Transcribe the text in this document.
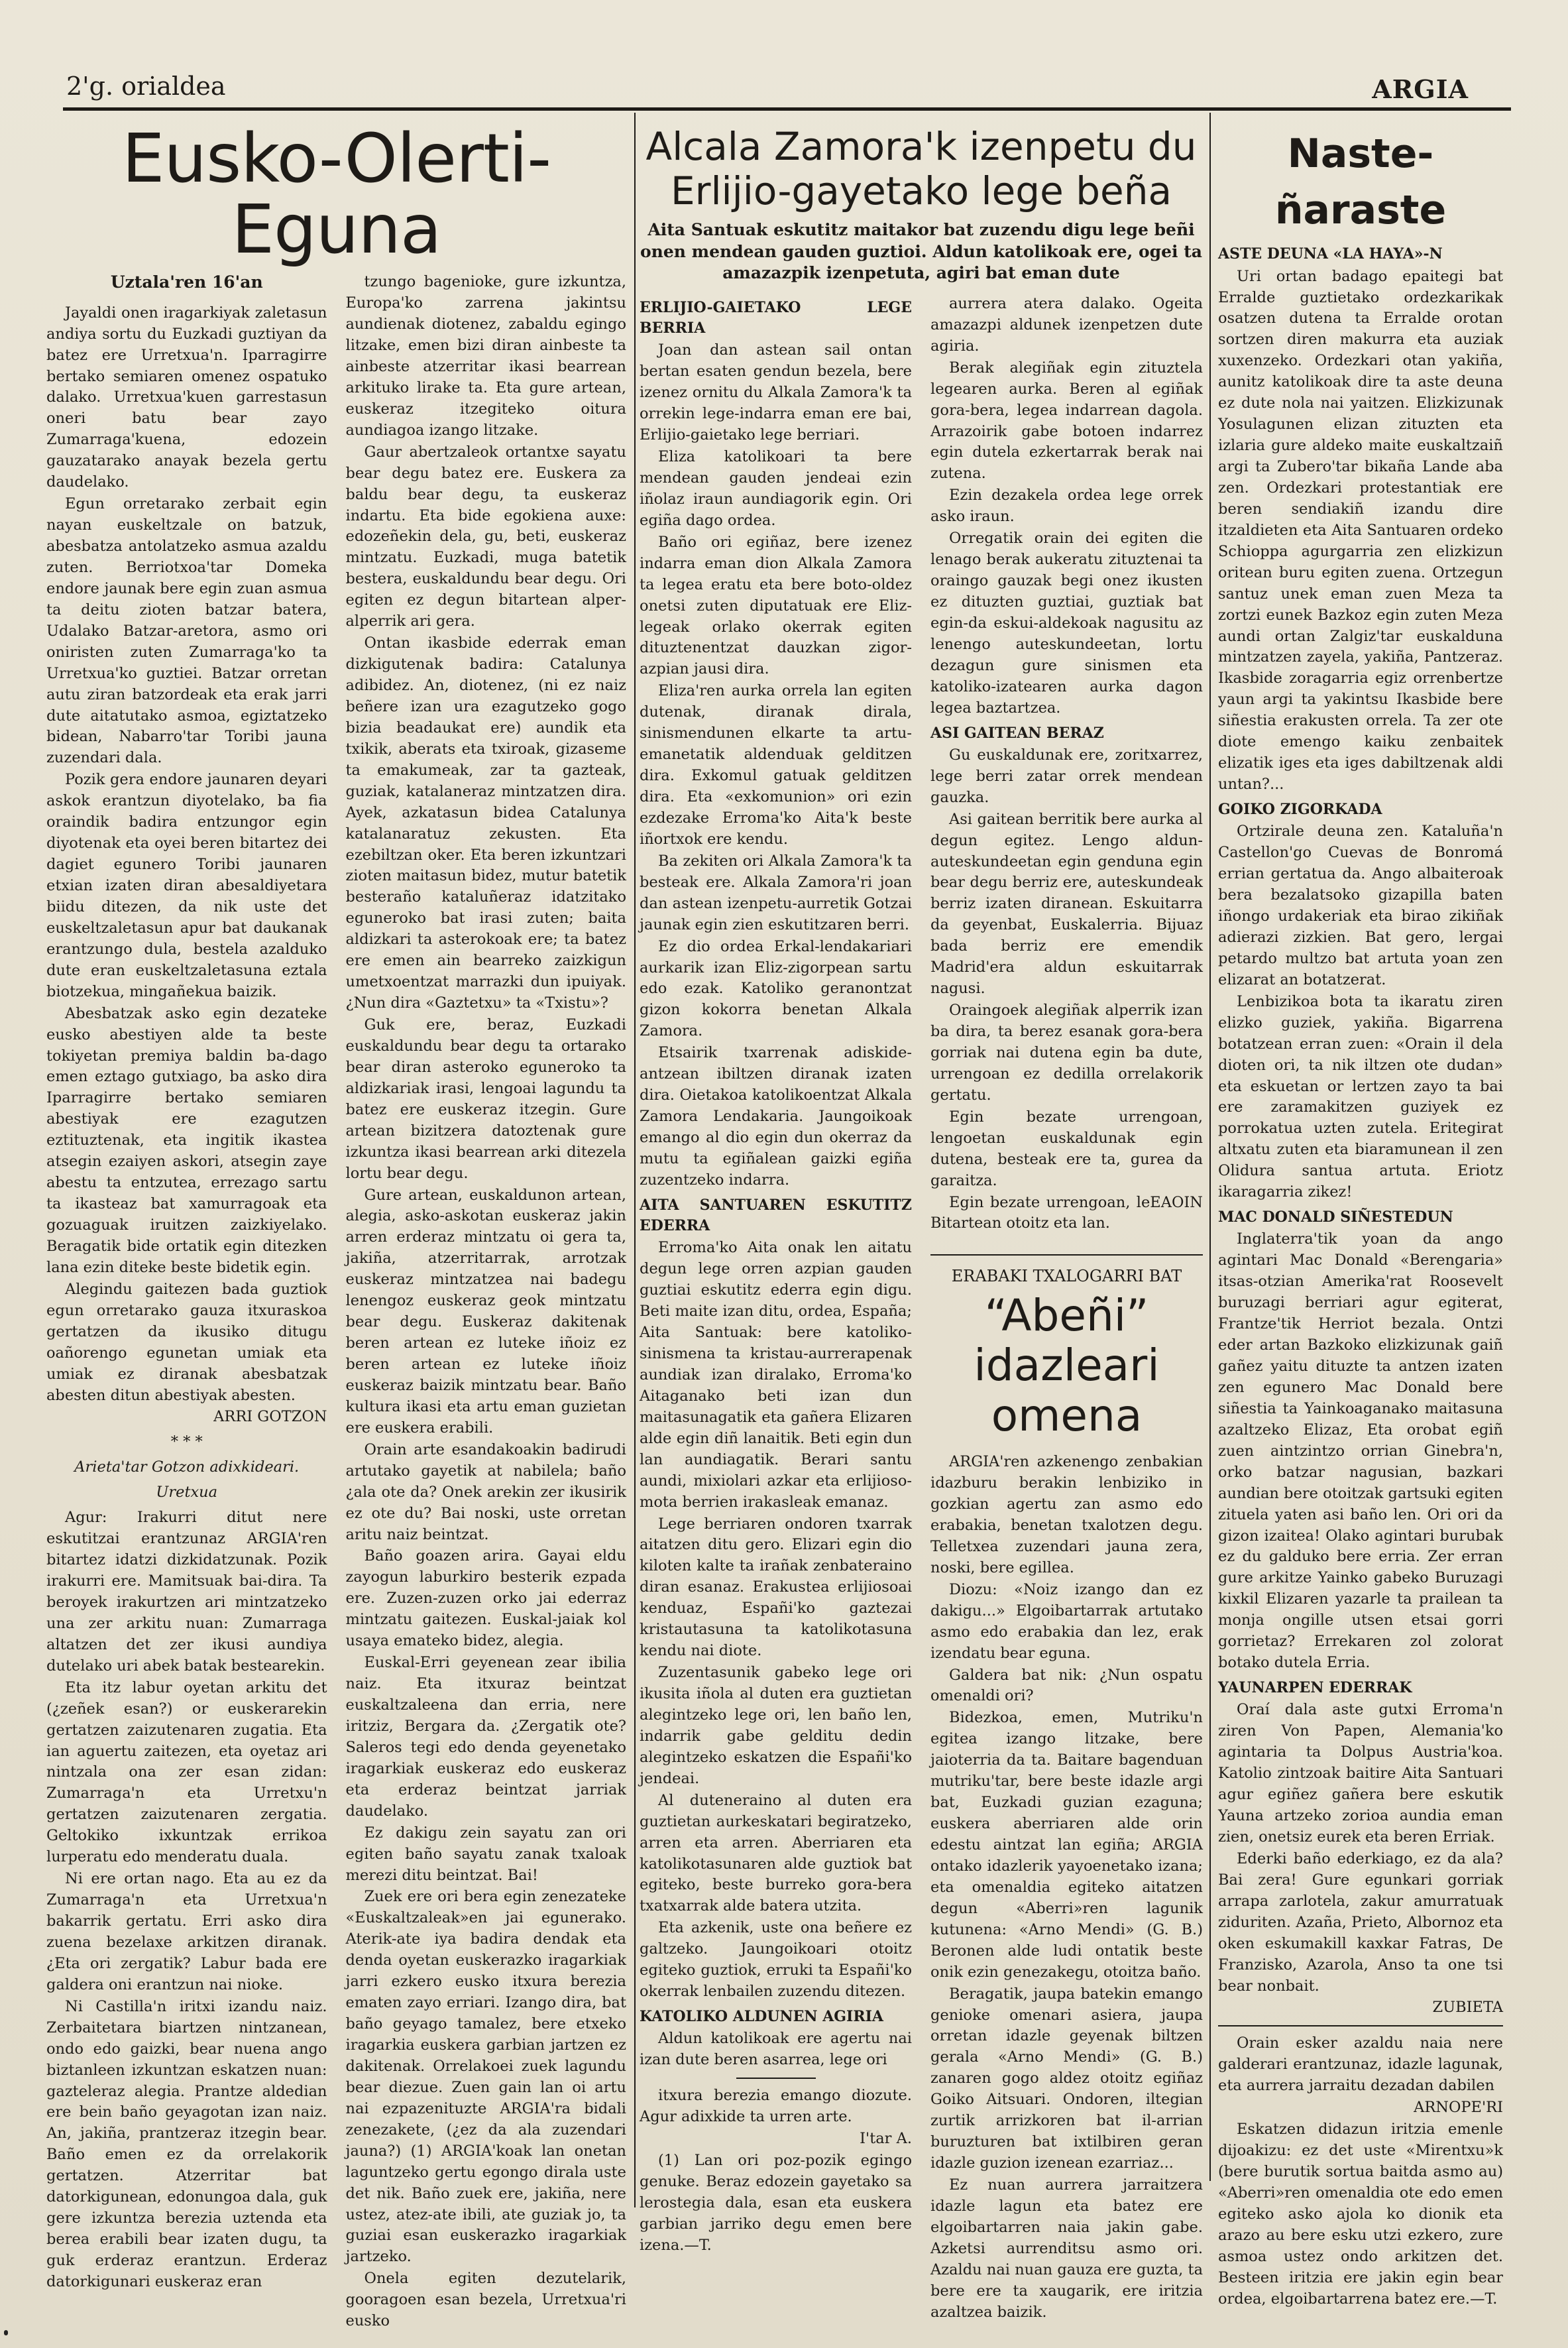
2'g. orialdea	ARGIA
Eusko-Olerti-Eguna
Uztala'ren 16'an

Jayaldi onen iragarkiyak zaletasun andiya sortu du Euzkadi guztiyan da batez ere Urretxua'n. Iparragirre bertako semiaren omenez ospatuko dalako. Urretxua'kuen garrestasun oneri batu bear zayo Zumarraga'kuena, edozein gauzatarako anayak bezela gertu daudelako.

Egun orretarako zerbait egin nayan euskeltzale on batzuk, abesbatza antolatzeko asmua azaldu zuten. Berriotxoa'tar Domeka endore jaunak bere egin zuan asmua ta deitu zioten batzar batera, Udalako Batzar-aretora, asmo ori oniristen zuten Zumarraga'ko ta Urretxua'ko guztiei. Batzar orretan autu ziran batzordeak eta erak jarri dute aitatutako asmoa, egiztatzeko bidean, Nabarro'tar Toribi jauna zuzendari dala.

Pozik gera endore jaunaren deyari askok erantzun diyotelako, ba fia oraindik badira entzungor egin diyotenak eta oyei beren bitartez dei dagiet egunero Toribi jaunaren etxian izaten diran abesaldiyetara biidu ditezen, da nik uste det euskeltzaletasun apur bat daukanak erantzungo dula, bestela azalduko dute eran euskeltzaletasuna eztala biotzekua, mingañekua baizik.

Abesbatzak asko egin dezateke eusko abestiyen alde ta beste tokiyetan premiya baldin ba-dago emen eztago gutxiago, ba asko dira Iparragirre bertako semiaren abestiyak ere ezagutzen eztituztenak, eta ingitik ikastea atsegin ezaiyen askori, atsegin zaye abestu ta entzutea, errezago sartu ta ikasteaz bat xamurragoak eta gozuaguak iruitzen zaizkiyelako. Beragatik bide ortatik egin ditezken lana ezin diteke beste bidetik egin.

Alegindu gaitezen bada guztiok egun orretarako gauza itxuraskoa gertatzen da ikusiko ditugu oañorengo egunetan umiak eta umiak ez diranak abesbatzak abesten ditun abestiyak abesten.

ARRI GOTZON

* * *

Arieta'tar Gotzon adixkideari.

Uretxua

Agur: Irakurri ditut nere eskutitzai erantzunaz ARGIA'ren bitartez idatzi dizkidatzunak. Pozik irakurri ere. Mamitsuak bai-dira. Ta beroyek irakurtzen ari mintzatzeko una zer arkitu nuan: Zumarraga altatzen det zer ikusi aundiya dutelako uri abek batak bestearekin.

Eta itz labur oyetan arkitu det (¿zeñek esan?) or euskerarekin gertatzen zaizutenaren zugatia. Eta ian aguertu zaitezen, eta oyetaz ari nintzala ona zer esan zidan: Zumarraga'n eta Urretxu'n gertatzen zaizutenaren zergatia. Geltokiko ixkuntzak errikoa lurperatu edo menderatu duala.

Ni ere ortan nago. Eta au ez da Zumarraga'n eta Urretxua'n bakarrik gertatu. Erri asko dira zuena bezelaxe arkitzen diranak. ¿Eta ori zergatik? Labur bada ere galdera oni erantzun nai nioke.

Ni Castilla'n iritxi izandu naiz. Zerbaitetara biartzen nintzanean, ondo edo gaizki, bear nuena ango biztanleen izkuntzan eskatzen nuan: gazteleraz alegia. Prantze aldedian ere bein baño geyagotan izan naiz. An, jakiña, prantzeraz itzegin bear. Baño emen ez da orrelakorik gertatzen. Atzerritar bat datorkigunean, edonungoa dala, guk gere izkuntza berezia uztenda eta berea erabili bear izaten dugu, ta guk erderaz erantzun. Erderaz datorkigunari euskeraz eran

tzungo bagenioke, gure izkuntza, Europa'ko zarrena jakintsu aundienak diotenez, zabaldu egingo litzake, emen bizi diran ainbeste ta ainbeste atzerritar ikasi bearrean arkituko lirake ta. Eta gure artean, euskeraz itzegiteko oitura aundiagoa izango litzake.

Gaur abertzaleok ortantxe sayatu bear degu batez ere. Euskera za baldu bear degu, ta euskeraz indartu. Eta bide egokiena auxe: edozeñekin dela, gu, beti, euskeraz mintzatu. Euzkadi, muga batetik bestera, euskaldundu bear degu. Ori egiten ez degun bitartean alper-alperrik ari gera.

Ontan ikasbide ederrak eman dizkigutenak badira: Catalunya adibidez. An, diotenez, (ni ez naiz beñere izan ura ezagutzeko gogo bizia beadaukat ere) aundik eta txikik, aberats eta txiroak, gizaseme ta emakumeak, zar ta gazteak, guziak, katalaneraz mintzatzen dira. Ayek, azkatasun bidea Catalunya katalanaratuz zekusten. Eta ezebiltzan oker. Eta beren izkuntzari zioten maitasun bidez, mutur batetik besteraño kataluñeraz idatzitako eguneroko bat irasi zuten; baita aldizkari ta asterokoak ere; ta batez ere emen ain bearreko zaizkigun umetxoentzat marrazki dun ipuiyak. ¿Nun dira «Gaztetxu» ta «Txistu»?

Guk ere, beraz, Euzkadi euskaldundu bear degu ta ortarako bear diran asteroko eguneroko ta aldizkariak irasi, lengoai lagundu ta batez ere euskeraz itzegin. Gure artean bizitzera datoztenak gure izkuntza ikasi bearrean arki ditezela lortu bear degu.

Gure artean, euskaldunon artean, alegia, asko-askotan euskeraz jakin arren erderaz mintzatu oi gera ta, jakiña, atzerritarrak, arrotzak euskeraz mintzatzea nai badegu lenengoz euskeraz geok mintzatu bear degu. Euskeraz dakitenak beren artean ez luteke iñoiz ez beren artean ez luteke iñoiz euskeraz baizik mintzatu bear. Baño kultura ikasi eta artu eman guzietan ere euskera erabili.

Orain arte esandakoakin badirudi artutako gayetik at nabilela; baño ¿ala ote da? Onek arekin zer ikusirik ez ote du? Bai noski, uste orretan aritu naiz beintzat.

Baño goazen arira. Gayai eldu zayogun laburkiro besterik ezpada ere. Zuzen-zuzen orko jai ederraz mintzatu gaitezen. Euskal-jaiak kol usaya emateko bidez, alegia.

Euskal-Erri geyenean zear ibilia naiz. Eta itxuraz beintzat euskaltzaleena dan erria, nere iritziz, Bergara da. ¿Zergatik ote? Saleros tegi edo denda geyenetako iragarkiak euskeraz edo euskeraz eta erderaz beintzat jarriak daudelako.

Ez dakigu zein sayatu zan ori egiten baño sayatu zanak txaloak merezi ditu beintzat. Bai!

Zuek ere ori bera egin zenezateke «Euskaltzaleak»en jai egunerako. Aterik-ate iya badira dendak eta denda oyetan euskerazko iragarkiak jarri ezkero eusko itxura berezia ematen zayo erriari. Izango dira, bat baño geyago tamalez, bere etxeko iragarkia euskera garbian jartzen ez dakitenak. Orrelakoei zuek lagundu bear diezue. Zuen gain lan oi artu nai ezpazenituzte ARGIA'ra bidali zenezakete, (¿ez da ala zuzendari jauna?) (1) ARGIA'koak lan onetan laguntzeko gertu egongo dirala uste det nik. Baño zuek ere, jakiña, nere ustez, atez-ate ibili, ate guziak jo, ta guziai esan euskerazko iragarkiak jartzeko.

Onela egiten dezutelarik, gooragoen esan bezela, Urretxua'ri eusko

Alcala Zamora'k izenpetu du Erlijio-gayetako lege beña
Aita Santuak eskutitz maitakor bat zuzendu digu lege beñi onen mendean gauden guztioi. Aldun katolikoak ere, ogei ta amazazpik izenpetuta, agiri bat eman dute
ERLIJIO-GAIETAKO LEGE BERRIA

Joan dan astean sail ontan bertan esaten gendun bezela, bere izenez ornitu du Alkala Zamora'k ta orrekin lege-indarra eman ere bai, Erlijio-gaietako lege berriari.

Eliza katolikoari ta bere mendean gauden jendeai ezin iñolaz iraun aundiagorik egin. Ori egiña dago ordea.

Baño ori egiñaz, bere izenez indarra eman dion Alkala Zamora ta legea eratu eta bere boto-oldez onetsi zuten diputatuak ere Eliz-legeak orlako okerrak egiten dituztenentzat dauzkan zigor-azpian jausi dira.

Eliza'ren aurka orrela lan egiten dutenak, diranak dirala, sinismendunen elkarte ta artu-emanetatik aldenduak gelditzen dira. Exkomul gatuak gelditzen dira. Eta «exkomunion» ori ezin ezdezake Erroma'ko Aita'k beste iñortxok ere kendu.

Ba zekiten ori Alkala Zamora'k ta besteak ere. Alkala Zamora'ri joan dan astean izenpetu-aurretik Gotzai jaunak egin zien eskutitzaren berri.

Ez dio ordea Erkal-lendakariari aurkarik izan Eliz-zigorpean sartu edo ezak. Katoliko geranontzat gizon kokorra benetan Alkala Zamora.

Etsairik txarrenak adiskide-antzean ibiltzen diranak izaten dira. Oietakoa katolikoentzat Alkala Zamora Lendakaria. Jaungoikoak emango al dio egin dun okerraz da mutu ta egiñalean gaizki egiña zuzentzeko indarra.

AITA SANTUAREN ESKUTITZ EDERRA

Erroma'ko Aita onak len aitatu degun lege orren azpian gauden guztiai eskutitz ederra egin digu. Beti maite izan ditu, ordea, España; Aita Santuak: bere katoliko-sinismena ta kristau-aurrerapenak aundiak izan diralako, Erroma'ko Aitaganako beti izan dun maitasunagatik eta gañera Elizaren alde egin diñ lanaitik. Beti egin dun lan aundiagatik. Berari santu aundi, mixiolari azkar eta erlijioso-mota berrien irakasleak emanaz.

Lege berriaren ondoren txarrak aitatzen ditu gero. Elizari egin dio kiloten kalte ta irañak zenbateraino diran esanaz. Erakustea erlijiosoai kenduaz, Españi'ko gaztezai kristautasuna ta katolikotasuna kendu nai diote.

Zuzentasunik gabeko lege ori ikusita iñola al duten era guztietan alegintzeko lege ori, len baño len, indarrik gabe gelditu dedin alegintzeko eskatzen die Españi'ko jendeai.

Al duteneraino al duten era guztietan aurkeskatari begiratzeko, arren eta arren. Aberriaren eta katolikotasunaren alde guztiok bat egiteko, beste burreko gora-bera txatxarrak alde batera utzita.

Eta azkenik, uste ona beñere ez galtzeko. Jaungoikoari otoitz egiteko guztiok, erruki ta Españi'ko okerrak lenbailen zuzendu ditezen.

KATOLIKO ALDUNEN AGIRIA

Aldun katolikoak ere agertu nai izan dute beren asarrea, lege ori

itxura berezia emango diozute. Agur adixkide ta urren arte.

I'tar A.

(1) Lan ori poz-pozik egingo genuke. Beraz edozein gayetako sa lerostegia dala, esan eta euskera garbian jarriko degu emen bere izena.—T.

aurrera atera dalako. Ogeita amazazpi aldunek izenpetzen dute agiria.

Berak alegiñak egin zituztela legearen aurka. Beren al egiñak gora-bera, legea indarrean dagola. Arrazoirik gabe botoen indarrez egin dutela ezkertarrak berak nai zutena.

Ezin dezakela ordea lege orrek asko iraun.

Orregatik orain dei egiten die lenago berak aukeratu zituztenai ta oraingo gauzak begi onez ikusten ez dituzten guztiai, guztiak bat egin-da eskui-aldekoak nagusitu az lenengo auteskundeetan, lortu dezagun gure sinismen eta katoliko-izatearen aurka dagon legea baztartzea.

ASI GAITEAN BERAZ

Gu euskaldunak ere, zoritxarrez, lege berri zatar orrek mendean gauzka.

Asi gaitean berritik bere aurka al degun egitez. Lengo aldun-auteskundeetan egin genduna egin bear degu berriz ere, auteskundeak berriz izaten diranean. Eskuitarra da geyenbat, Euskalerria. Bijuaz bada berriz ere emendik Madrid'era aldun eskuitarrak nagusi.

Oraingoek alegiñak alperrik izan ba dira, ta berez esanak gora-bera gorriak nai dutena egin ba dute, urrengoan ez dedilla orrelakorik gertatu.

Egin bezate urrengoan, lengoetan euskaldunak egin dutena, besteak ere ta, gurea da garaitza.

Egin bezate urrengoan, leEAOIN Bitartean otoitz eta lan.

ERABAKI TXALOGARRI BAT
“Abeñi” idazleari omena

ARGIA'ren azkenengo zenbakian idazburu berakin lenbiziko in gozkian agertu zan asmo edo erabakia, benetan txalotzen degu. Telletxea zuzendari jauna zera, noski, bere egillea.

Diozu: «Noiz izango dan ez dakigu...» Elgoibartarrak artutako asmo edo erabakia dan lez, erak izendatu bear eguna.

Galdera bat nik: ¿Nun ospatu omenaldi ori?

Bidezkoa, emen, Mutriku'n egitea izango litzake, bere jaioterria da ta. Baitare bagenduan mutriku'tar, bere beste idazle argi bat, Euzkadi guzian ezaguna; euskera aberriaren alde orin edestu aintzat lan egiña; ARGIA ontako idazlerik yayoenetako izana; eta omenaldia egiteko aitatzen degun «Aberri»ren lagunik kutunena: «Arno Mendi» (G. B.) Beronen alde ludi ontatik beste onik ezin genezakegu, otoitza baño.

Beragatik, jaupa batekin emango genioke omenari asiera, jaupa orretan idazle geyenak biltzen gerala «Arno Mendi» (G. B.) zanaren gogo aldez otoitz egiñaz Goiko Aitsuari. Ondoren, iltegian zurtik arrizkoren bat il-arrian buruzturen bat ixtilbiren geran idazle guzion izenean ezarriaz...

Ez nuan aurrera jarraitzera idazle lagun eta batez ere elgoibartarren naia jakin gabe. Azketsi aurrenditsu asmo ori. Azaldu nai nuan gauza ere guzta, ta bere ere ta xaugarik, ere iritzia azaltzea baizik.

Naste-ñaraste
ASTE DEUNA «LA HAYA»-N

Uri ortan badago epaitegi bat Erralde guztietako ordezkarikak osatzen dutena ta Erralde orotan sortzen diren makurra eta auziak xuxenzeko. Ordezkari otan yakiña, aunitz katolikoak dire ta aste deuna ez dute nola nai yaitzen. Elizkizunak Yosulagunen elizan zituzten eta izlaria gure aldeko maite euskaltzaiñ argi ta Zubero'tar bikaña Lande aba zen. Ordezkari protestantiak ere beren sendiakiñ izandu dire itzaldieten eta Aita Santuaren ordeko Schioppa agurgarria zen elizkizun oritean buru egiten zuena. Ortzegun santuz unek eman zuen Meza ta zortzi eunek Bazkoz egin zuten Meza aundi ortan Zalgiz'tar euskalduna mintzatzen zayela, yakiña, Pantzeraz. Ikasbide zoragarria egiz orrenbertze yaun argi ta yakintsu Ikasbide bere siñestia erakusten orrela. Ta zer ote diote emengo kaiku zenbaitek elizatik iges eta iges dabiltzenak aldi untan?...

GOIKO ZIGORKADA

Ortzirale deuna zen. Kataluña'n Castellon'go Cuevas de Bonromá errian gertatua da. Ango albaiteroak bera bezalatsoko gizapilla baten iñongo urdakeriak eta birao zikiñak adierazi zizkien. Bat gero, lergai petardo multzo bat artuta yoan zen elizarat an botatzerat.

Lenbizikoa bota ta ikaratu ziren elizko guziek, yakiña. Bigarrena botatzean erran zuen: «Orain il dela dioten ori, ta nik iltzen ote dudan» eta eskuetan or lertzen zayo ta bai ere zaramakitzen guziyek ez porrokatua uzten zutela. Eritegirat altxatu zuten eta biaramunean il zen Olidura santua artuta. Eriotz ikaragarria zikez!

MAC DONALD SIÑESTEDUN

Inglaterra'tik yoan da ango agintari Mac Donald «Berengaria» itsas-otzian Amerika'rat Roosevelt buruzagi berriari agur egiterat, Frantze'tik Herriot bezala. Ontzi eder artan Bazkoko elizkizunak gaiñ gañez yaitu dituzte ta antzen izaten zen egunero Mac Donald bere siñestia ta Yainkoaganako maitasuna azaltzeko Elizaz, Eta orobat egiñ zuen aintzintzo orrian Ginebra'n, orko batzar nagusian, bazkari aundian bere otoitzak gartsuki egiten zituela yaten asi baño len. Ori ori da gizon izaitea! Olako agintari burubak ez du galduko bere erria. Zer erran gure arkitze Yainko gabeko Buruzagi kixkil Elizaren yazarle ta prailean ta monja ongille utsen etsai gorri gorrietaz? Errekaren zol zolorat botako dutela Erria.

YAUNARPEN EDERRAK

Oraí dala aste gutxi Erroma'n ziren Von Papen, Alemania'ko agintaria ta Dolpus Austria'koa. Katolio zintzoak baitire Aita Santuari agur egiñez gañera bere eskutik Yauna artzeko zorioa aundia eman zien, onetsiz eurek eta beren Erriak.

Ederki baño ederkiago, ez da ala? Bai zera! Gure egunkari gorriak arrapa zarlotela, zakur amurratuak ziduriten. Azaña, Prieto, Albornoz eta oken eskumakill kaxkar Fatras, De Franzisko, Azarola, Anso ta one tsi bear nonbait.

ZUBIETA

Orain esker azaldu naia nere galderari erantzunaz, idazle lagunak, eta aurrera jarraitu dezadan dabilen

ARNOPE'RI

Eskatzen didazun iritzia emenle dijoakizu: ez det uste «Mirentxu»k (bere burutik sortua baitda asmo au) «Aberri»ren omenaldia ote edo emen egiteko asko ajola ko dionik eta arazo au bere esku utzi ezkero, zure asmoa ustez ondo arkitzen det. Besteen iritzia ere jakin egin bear ordea, elgoibartarrena batez ere.—T.
